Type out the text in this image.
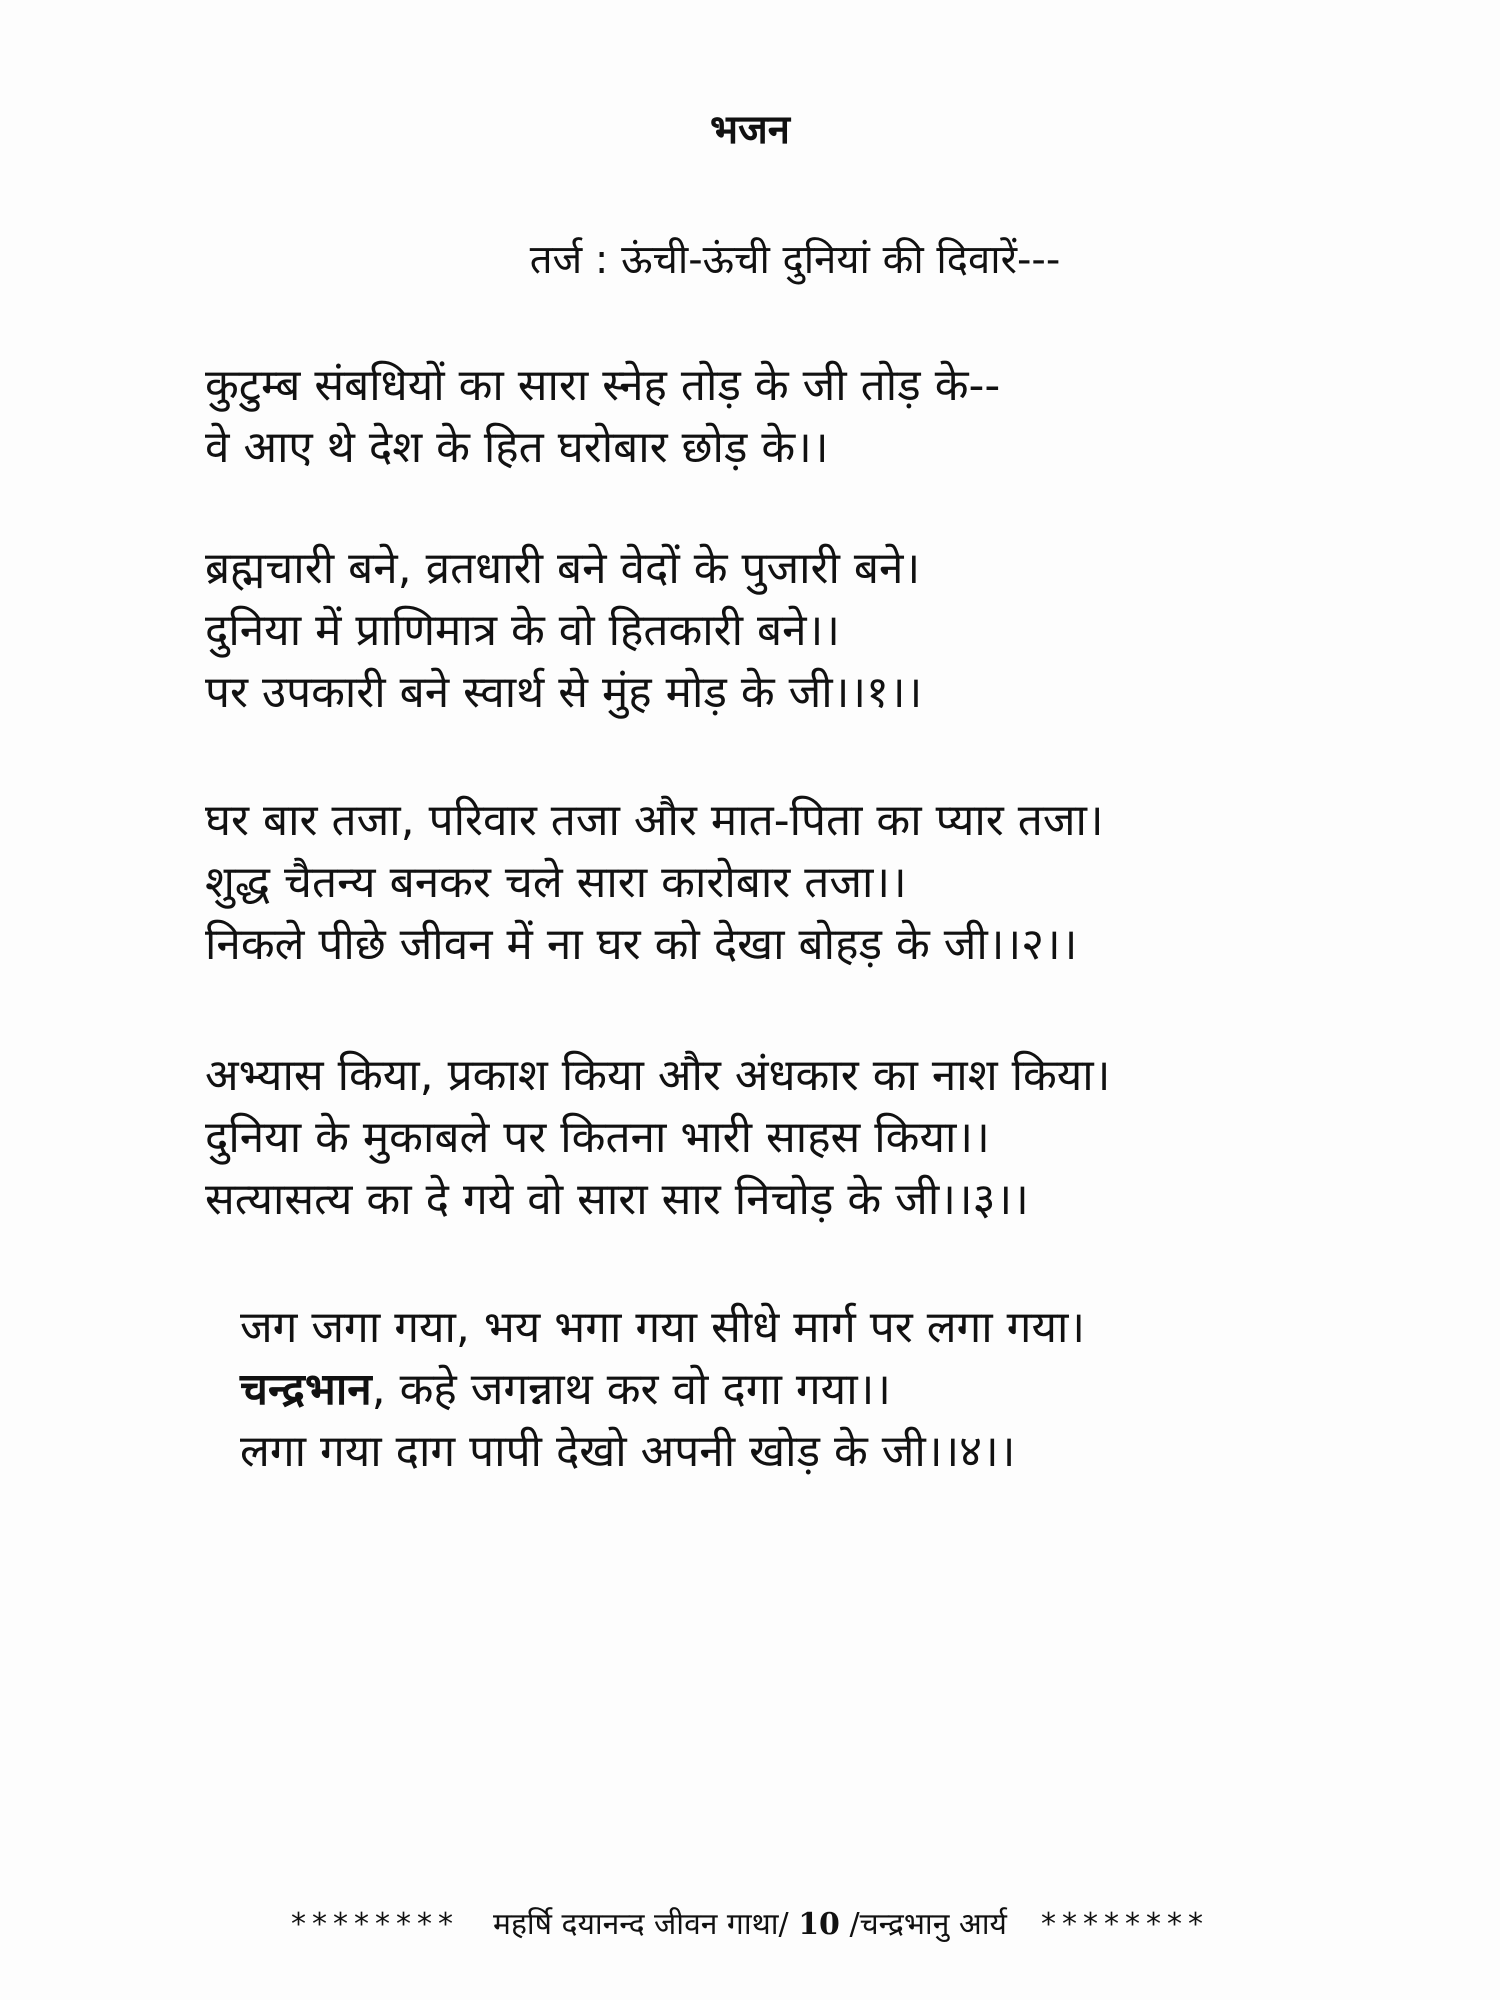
भजन
तर्ज : ऊंची-ऊंची दुनियां की दिवारें---
कुटुम्ब संबधियों का सारा स्नेह तोड़ के जी तोड़ के--
वे आए थे देश के हित घरोबार छोड़ के।।
ब्रह्मचारी बने, व्रतधारी बने वेदों के पुजारी बने।
दुनिया में प्राणिमात्र के वो हितकारी बने।।
पर उपकारी बने स्वार्थ से मुंह मोड़ के जी।।१।।
घर बार तजा, परिवार तजा और मात-पिता का प्यार तजा।
शुद्ध चैतन्य बनकर चले सारा कारोबार तजा।।
निकले पीछे जीवन में ना घर को देखा बोहड़ के जी।।२।।
अभ्यास किया, प्रकाश किया और अंधकार का नाश किया।
दुनिया के मुकाबले पर कितना भारी साहस किया।।
सत्यासत्य का दे गये वो सारा सार निचोड़ के जी।।३।।
जग जगा गया, भय भगा गया सीधे मार्ग पर लगा गया।
चन्द्रभान, कहे जगन्नाथ कर वो दगा गया।।
लगा गया दाग पापी देखो अपनी खोड़ के जी।।४।।
******** महर्षि दयानन्द जीवन गाथा/ 10 /चन्द्रभानु आर्य ********
